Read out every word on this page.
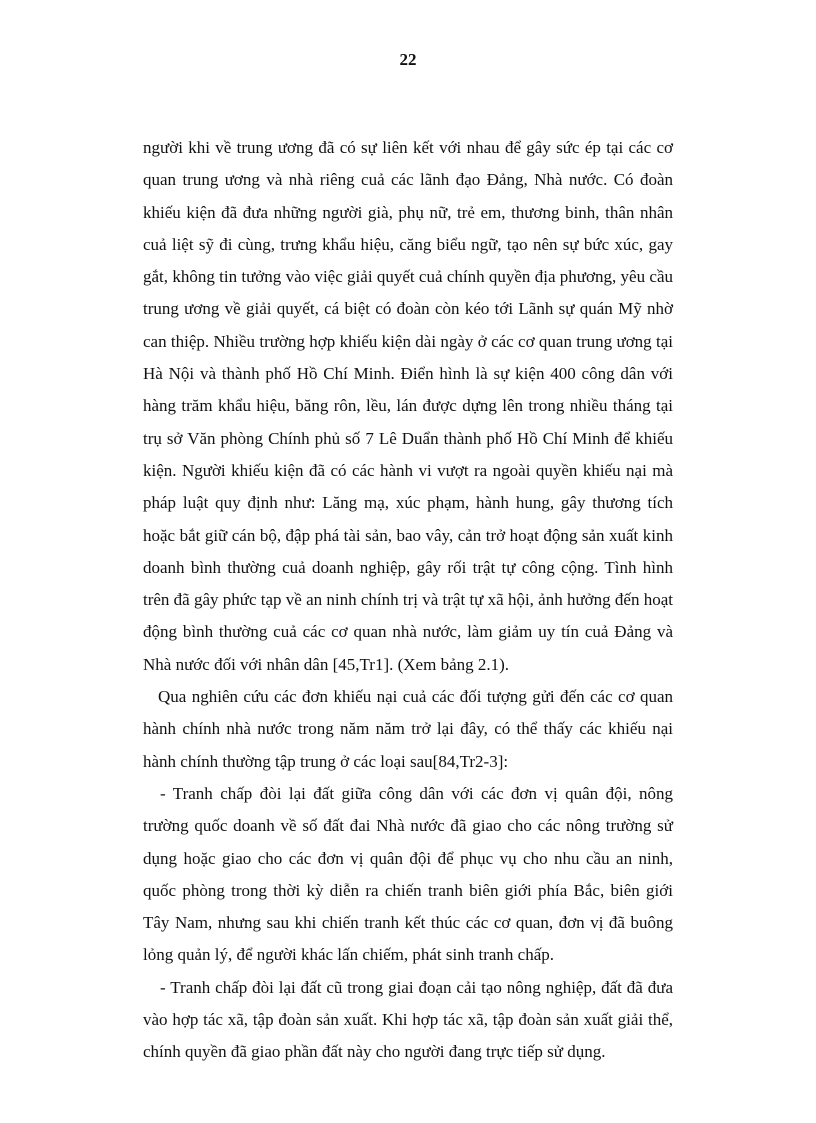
22

người khi về trung ương đã có sự liên kết với nhau để gây sức ép tại các cơ quan trung ương và nhà riêng cuả các lãnh đạo Đảng, Nhà nước. Có đoàn khiếu kiện đã đưa những người già, phụ nữ, trẻ em, thương binh, thân nhân cuả liệt sỹ đi cùng, trưng khẩu hiệu, căng biểu ngữ, tạo nên sự bức xúc, gay gắt, không tin tưởng vào việc giải quyết cuả chính quyền địa phương, yêu cầu trung ương về giải quyết, cá biệt có đoàn còn kéo tới Lãnh sự quán Mỹ nhờ can thiệp. Nhiều trường hợp khiếu kiện dài ngày ở các cơ quan trung ương tại Hà Nội và thành phố Hồ Chí Minh. Điển hình là sự kiện 400 công dân với hàng trăm khẩu hiệu, băng rôn, lều, lán được dựng lên trong nhiều tháng tại trụ sở Văn phòng Chính phủ số 7 Lê Duẩn thành phố Hồ Chí Minh để khiếu kiện. Người khiếu kiện đã có các hành vi vượt ra ngoài quyền khiếu nại mà pháp luật quy định như: Lăng mạ, xúc phạm, hành hung, gây thương tích hoặc bắt giữ cán bộ, đập phá tài sản, bao vây, cản trở hoạt động sản xuất kinh doanh bình thường cuả doanh nghiệp, gây rối trật tự công cộng. Tình hình trên đã gây phức tạp về an ninh chính trị và trật tự xã hội, ảnh hưởng đến hoạt động bình thường cuả các cơ quan nhà nước, làm giảm uy tín cuả Đảng và Nhà nước đối với nhân dân [45,Tr1]. (Xem bảng 2.1).

Qua nghiên cứu các đơn khiếu nại cuả các đối tượng gửi đến các cơ quan hành chính nhà nước trong năm năm trở lại đây, có thể thấy các khiếu nại hành chính thường tập trung ở các loại sau[84,Tr2-3]:

- Tranh chấp đòi lại đất giữa công dân với các đơn vị quân đội, nông trường quốc doanh về số đất đai Nhà nước đã giao cho các nông trường sử dụng hoặc giao cho các đơn vị quân đội để phục vụ cho nhu cầu an ninh, quốc phòng trong thời kỳ diễn ra chiến tranh biên giới phía Bắc, biên giới Tây Nam, nhưng sau khi chiến tranh kết thúc các cơ quan, đơn vị đã buông lỏng quản lý, để người khác lấn chiếm, phát sinh tranh chấp.

- Tranh chấp đòi lại đất cũ trong giai đoạn cải tạo nông nghiệp, đất đã đưa vào hợp tác xã, tập đoàn sản xuất. Khi hợp tác xã, tập đoàn sản xuất giải thể, chính quyền đã giao phần đất này cho người đang trực tiếp sử dụng.
